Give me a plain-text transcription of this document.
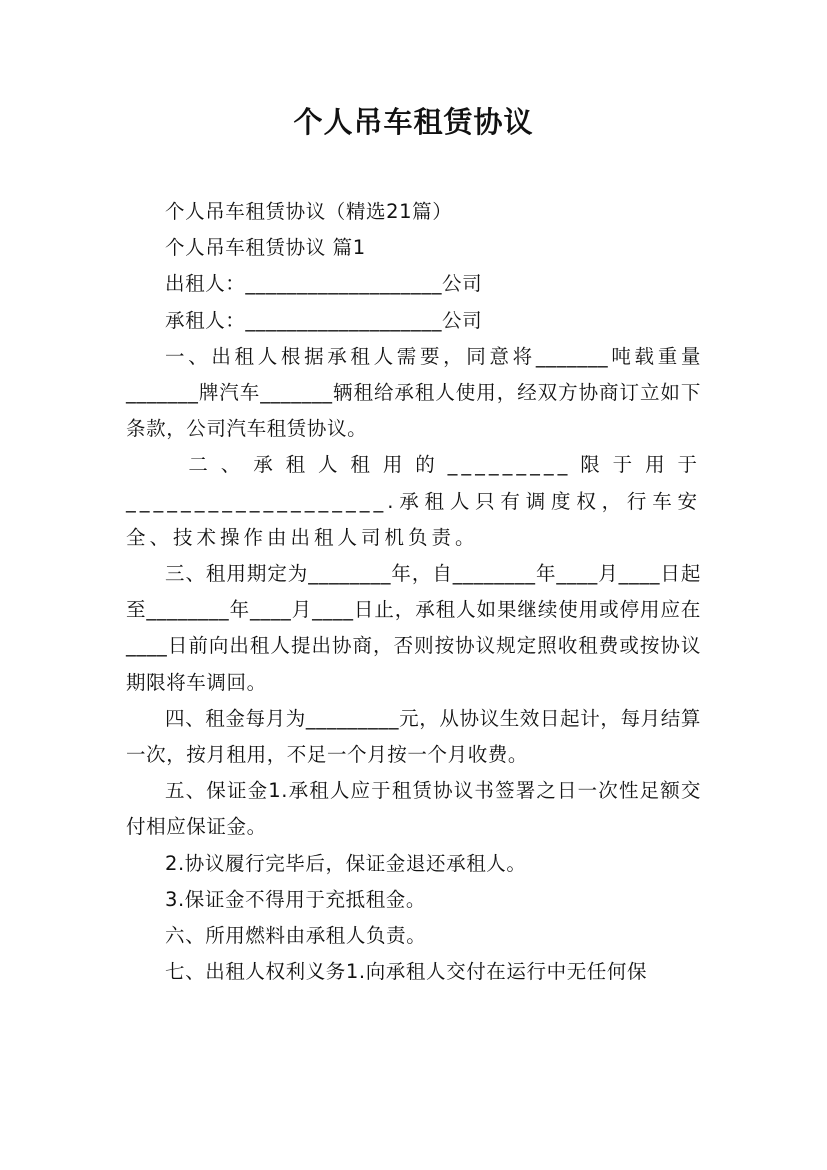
个人吊车租赁协议

个人吊车租赁协议（精选21篇）

个人吊车租赁协议 篇1

出租人：___________________公司

承租人：___________________公司

一、出租人根据承租人需要，同意将_______吨载重量_______牌汽车_______辆租给承租人使用，经双方协商订立如下条款，公司汽车租赁协议。

二、承租人租用的_________限于用于___________________.承租人只有调度权，行车安全、技术操作由出租人司机负责。

三、租用期定为________年，自________年____月____日起至________年____月____日止，承租人如果继续使用或停用应在____日前向出租人提出协商，否则按协议规定照收租费或按协议期限将车调回。

四、租金每月为_________元，从协议生效日起计，每月结算一次，按月租用，不足一个月按一个月收费。

五、保证金1.承租人应于租赁协议书签署之日一次性足额交付相应保证金。

2.协议履行完毕后，保证金退还承租人。

3.保证金不得用于充抵租金。

六、所用燃料由承租人负责。

七、出租人权利义务1.向承租人交付在运行中无任何保
